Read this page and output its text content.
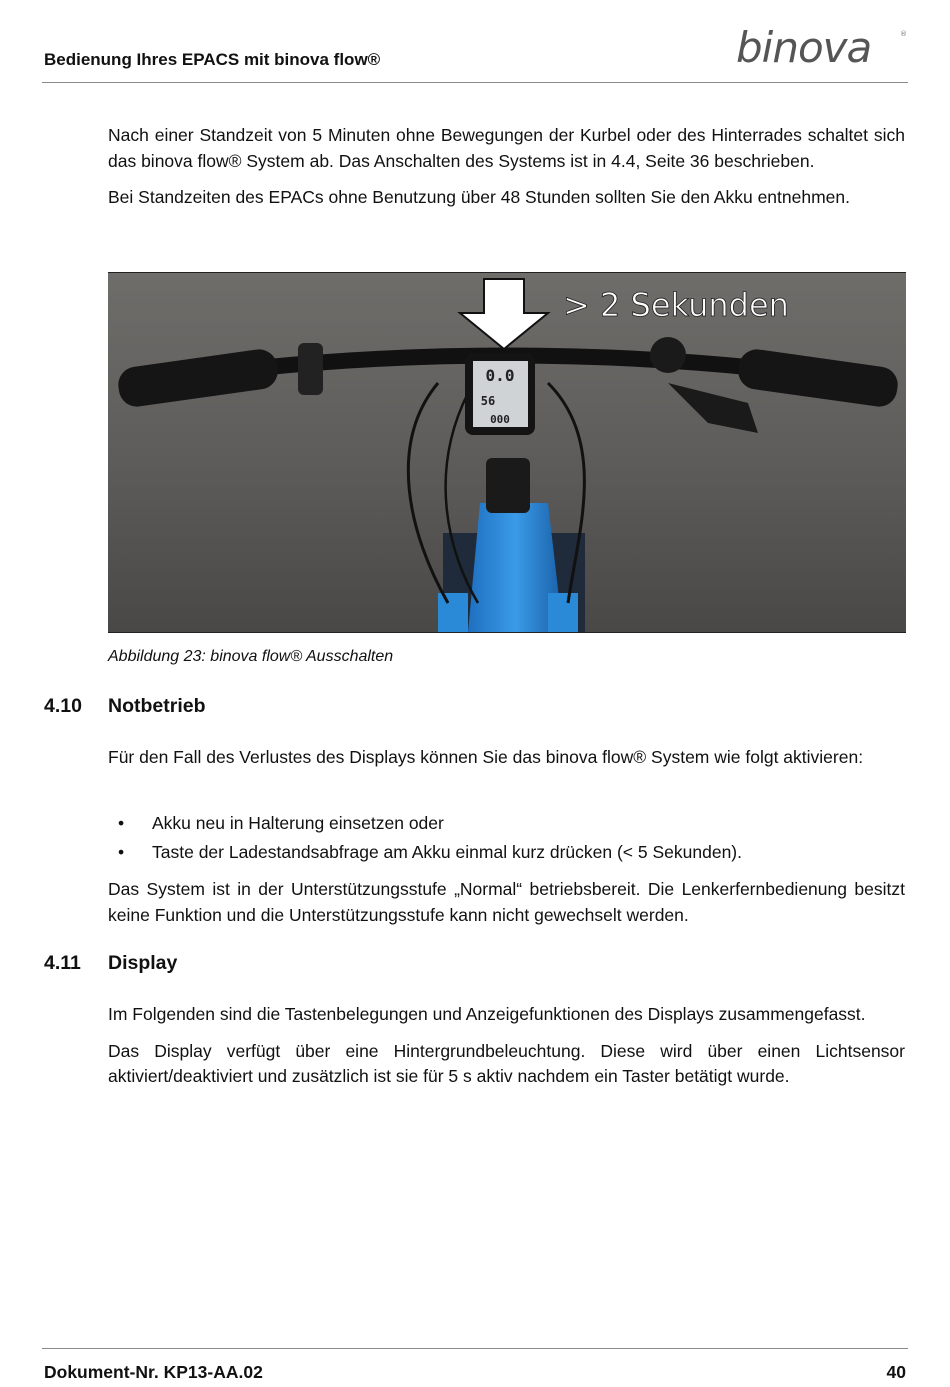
Bedienung Ihres EPACS mit binova flow®	binova	®

Nach einer Standzeit von 5 Minuten ohne Bewegungen der Kurbel oder des Hinterrades schaltet sich das binova flow® System ab. Das Anschalten des Systems ist in 4.4, Seite 36 beschrieben.

Bei Standzeiten des EPACs ohne Benutzung über 48 Stunden sollten Sie den Akku entnehmen.

0.0
56
000
> 2 Sekunden
Abbildung 23: binova flow® Ausschalten
4.10 Notbetrieb

Für den Fall des Verlustes des Displays können Sie das binova flow® System wie folgt aktivieren:

• Akku neu in Halterung einsetzen oder
• Taste der Ladestandsabfrage am Akku einmal kurz drücken (< 5 Sekunden).

Das System ist in der Unterstützungsstufe „Normal“ betriebsbereit. Die Lenkerfernbedienung besitzt keine Funktion und die Unterstützungsstufe kann nicht gewechselt werden.

4.11 Display

Im Folgenden sind die Tastenbelegungen und Anzeigefunktionen des Displays zusammengefasst.

Das Display verfügt über eine Hintergrundbeleuchtung. Diese wird über einen Lichtsensor aktiviert/deaktiviert und zusätzlich ist sie für 5 s aktiv nachdem ein Taster betätigt wurde.

Dokument-Nr. KP13-AA.02	40
